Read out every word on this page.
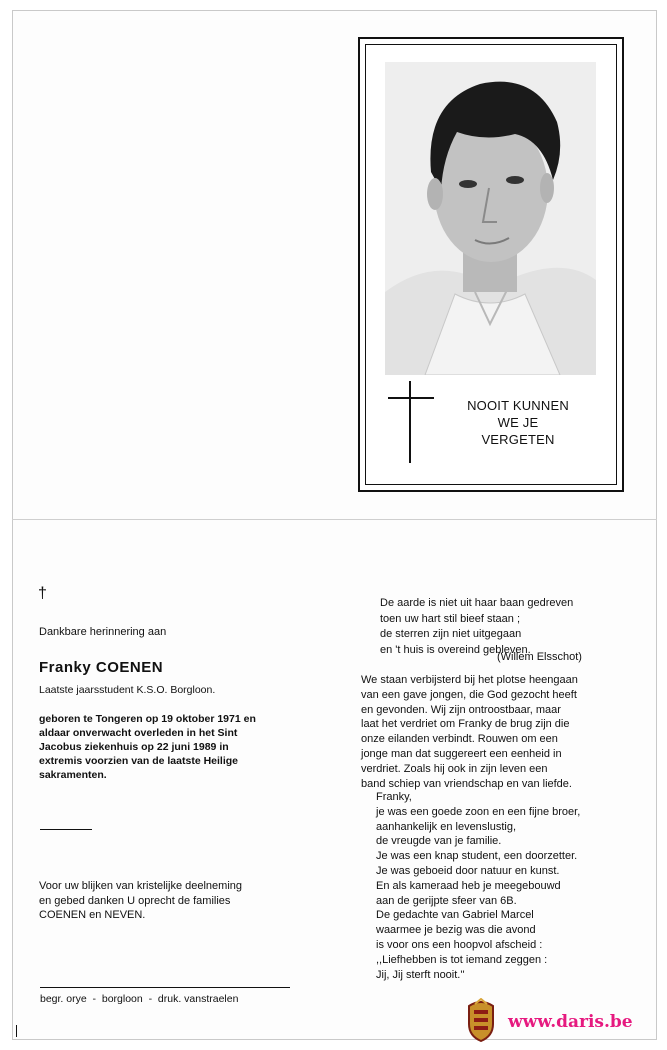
NOOIT KUNNEN
WE JE
VERGETEN
†
Dankbare herinnering aan
Franky COENEN
Laatste jaarsstudent K.S.O. Borgloon.
geboren te Tongeren op 19 oktober 1971 en
aldaar onverwacht overleden in het Sint
Jacobus ziekenhuis op 22 juni 1989 in
extremis voorzien van de laatste Heilige
sakramenten.
Voor uw blijken van kristelijke deelneming
en gebed danken U oprecht de families
COENEN en NEVEN.
begr. orye  -  borgloon  -  druk. vanstraelen
De aarde is niet uit haar baan gedreven
toen uw hart stil bieef staan ;
de sterren zijn niet uitgegaan
en 't huis is overeind gebleven.
(Willem Elsschot)
We staan verbijsterd bij het plotse heengaan
van een gave jongen, die God gezocht heeft
en gevonden. Wij zijn ontroostbaar, maar
laat het verdriet om Franky de brug zijn die
onze eilanden verbindt. Rouwen om een
jonge man dat suggereert een eenheid in
verdriet. Zoals hij ook in zijn leven een
band schiep van vriendschap en van liefde.
Franky,
je was een goede zoon en een fijne broer,
aanhankelijk en levenslustig,
de vreugde van je familie.
Je was een knap student, een doorzetter.
Je was geboeid door natuur en kunst.
En als kameraad heb je meegebouwd
aan de gerijpte sfeer van 6B.
De gedachte van Gabriel Marcel
waarmee je bezig was die avond
is voor ons een hoopvol afscheid :
,,Liefhebben is tot iemand zeggen :
Jij, Jij sterft nooit.''
www.daris.be
